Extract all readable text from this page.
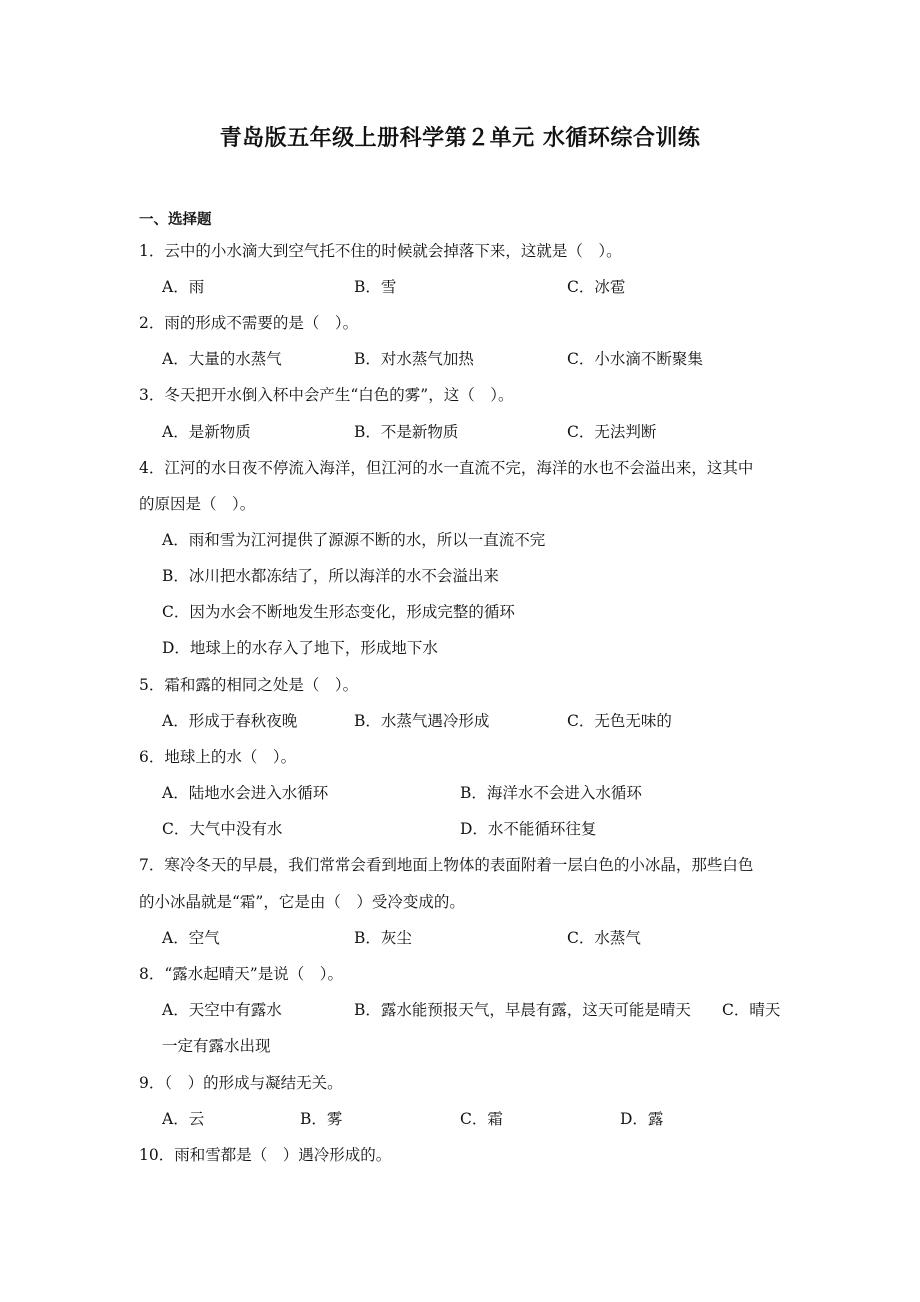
青岛版五年级上册科学第２单元 水循环综合训练
一、选择题
1．云中的小水滴大到空气托不住的时候就会掉落下来，这就是（　）。
A．雨	B．雪	C．冰雹
2．雨的形成不需要的是（　）。
A．大量的水蒸气	B．对水蒸气加热	C．小水滴不断聚集
3．冬天把开水倒入杯中会产生“白色的雾”，这（　）。
A．是新物质	B．不是新物质	C．无法判断
4．江河的水日夜不停流入海洋，但江河的水一直流不完，海洋的水也不会溢出来，这其中
的原因是（　）。
A．雨和雪为江河提供了源源不断的水，所以一直流不完
B．冰川把水都冻结了，所以海洋的水不会溢出来
C．因为水会不断地发生形态变化，形成完整的循环
D．地球上的水存入了地下，形成地下水
5．霜和露的相同之处是（　）。
A．形成于春秋夜晚	B．水蒸气遇冷形成	C．无色无味的
6．地球上的水（　）。
A．陆地水会进入水循环	B．海洋水不会进入水循环
C．大气中没有水	D．水不能循环往复
7．寒冷冬天的早晨，我们常常会看到地面上物体的表面附着一层白色的小冰晶，那些白色
的小冰晶就是“霜”，它是由（　）受冷变成的。
A．空气	B．灰尘	C．水蒸气
8．“露水起晴天”是说（　）。
A．天空中有露水	B．露水能预报天气，早晨有露，这天可能是晴天 C．晴天
一定有露水出现
9．（　）的形成与凝结无关。
A．云	B．雾	C．霜	D．露
10．雨和雪都是（　）遇冷形成的。
